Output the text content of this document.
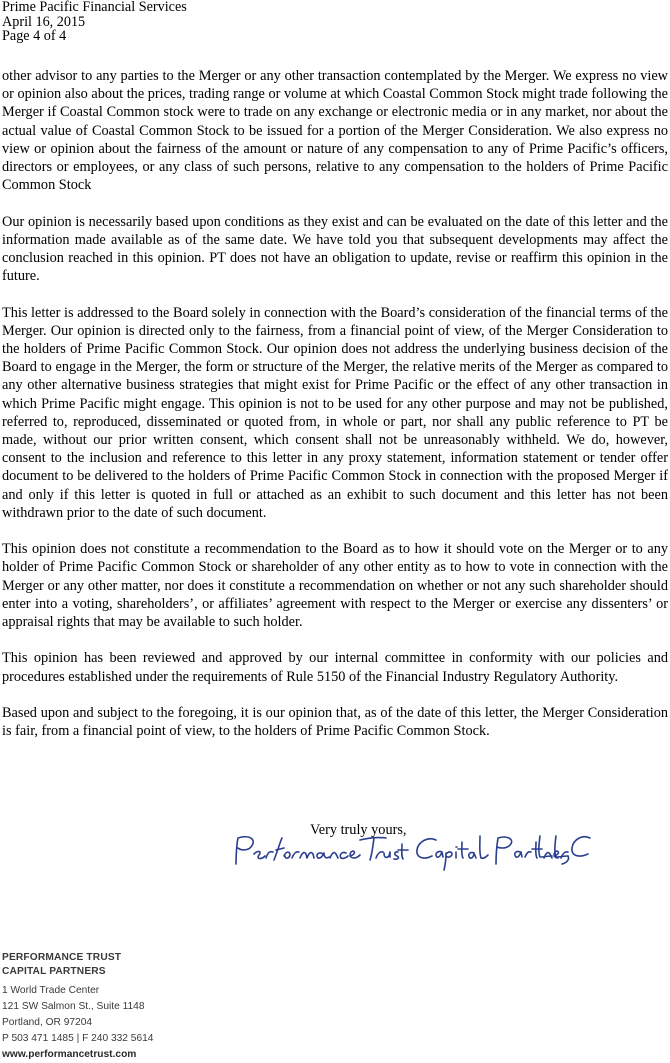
Prime Pacific Financial Services
April 16, 2015
Page 4 of 4

other advisor to any parties to the Merger or any other transaction contemplated by the Merger. We express no view or opinion also about the prices, trading range or volume at which Coastal Common Stock might trade following the Merger if Coastal Common stock were to trade on any exchange or electronic media or in any market, nor about the actual value of Coastal Common Stock to be issued for a portion of the Merger Consideration. We also express no view or opinion about the fairness of the amount or nature of any compensation to any of Prime Pacific’s officers, directors or employees, or any class of such persons, relative to any compensation to the holders of Prime Pacific Common Stock

Our opinion is necessarily based upon conditions as they exist and can be evaluated on the date of this letter and the information made available as of the same date. We have told you that subsequent developments may affect the conclusion reached in this opinion. PT does not have an obligation to update, revise or reaffirm this opinion in the future.

This letter is addressed to the Board solely in connection with the Board’s consideration of the financial terms of the Merger. Our opinion is directed only to the fairness, from a financial point of view, of the Merger Consideration to the holders of Prime Pacific Common Stock. Our opinion does not address the underlying business decision of the Board to engage in the Merger, the form or structure of the Merger, the relative merits of the Merger as compared to any other alternative business strategies that might exist for Prime Pacific or the effect of any other transaction in which Prime Pacific might engage. This opinion is not to be used for any other purpose and may not be published, referred to, reproduced, disseminated or quoted from, in whole or part, nor shall any public reference to PT be made, without our prior written consent, which consent shall not be unreasonably withheld. We do, however, consent to the inclusion and reference to this letter in any proxy statement, information statement or tender offer document to be delivered to the holders of Prime Pacific Common Stock in connection with the proposed Merger if and only if this letter is quoted in full or attached as an exhibit to such document and this letter has not been withdrawn prior to the date of such document.

This opinion does not constitute a recommendation to the Board as to how it should vote on the Merger or to any holder of Prime Pacific Common Stock or shareholder of any other entity as to how to vote in connection with the Merger or any other matter, nor does it constitute a recommendation on whether or not any such shareholder should enter into a voting, shareholders’, or affiliates’ agreement with respect to the Merger or exercise any dissenters’ or appraisal rights that may be available to such holder.

This opinion has been reviewed and approved by our internal committee in conformity with our policies and procedures established under the requirements of Rule 5150 of the Financial Industry Regulatory Authority.

Based upon and subject to the foregoing, it is our opinion that, as of the date of this letter, the Merger Consideration is fair, from a financial point of view, to the holders of Prime Pacific Common Stock.

Very truly yours,
PERFORMANCE TRUST
CAPITAL PARTNERS
1 World Trade Center
121 SW Salmon St., Suite 1148
Portland, OR 97204
P 503 471 1485 | F 240 332 5614
www.performancetrust.com
